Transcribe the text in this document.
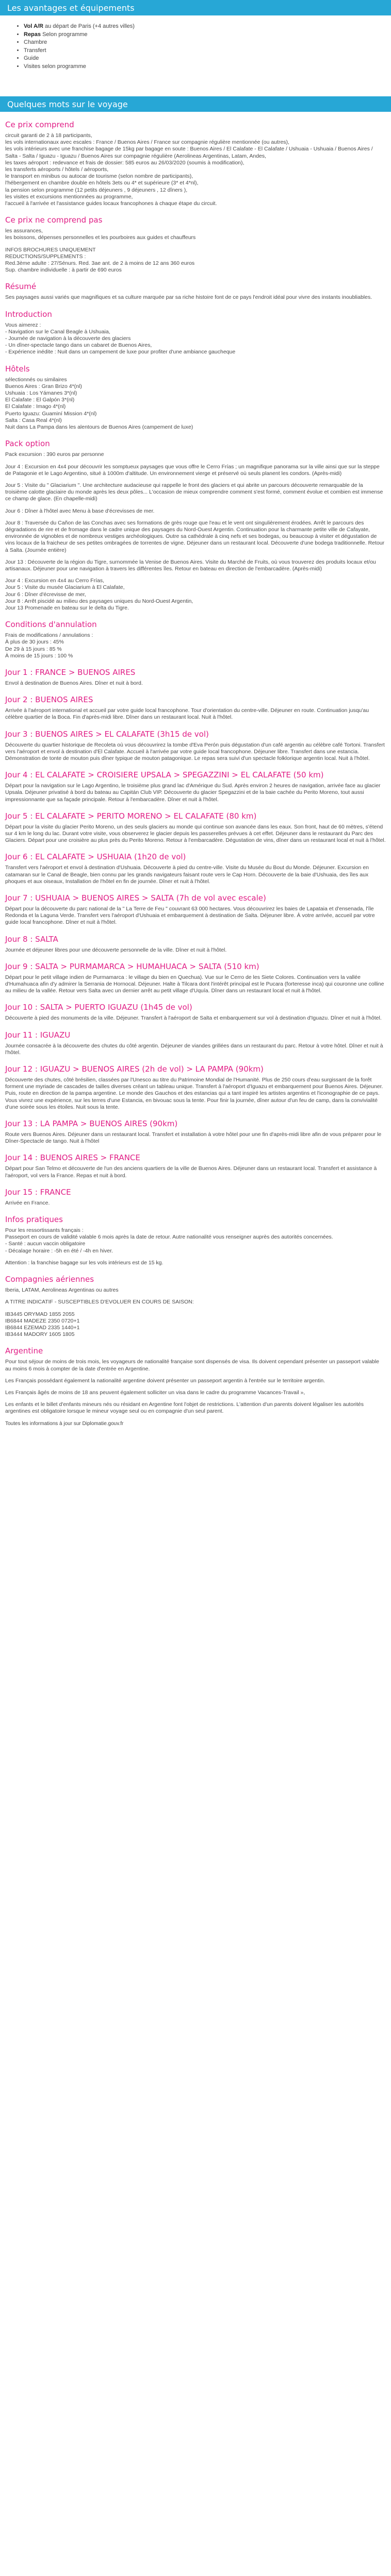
Les avantages et équipements
• Vol A/R au départ de Paris (+4 autres villes)
• Repas Selon programme
• Chambre
• Transfert
• Guide
• Visites selon programme
Quelques mots sur le voyage
Ce prix comprend

circuit garanti de 2 à 18 participants,
les vols internationaux avec escales : France / Buenos Aires / France sur compagnie régulière mentionnée (ou autres),
les vols intérieurs avec une franchise bagage de 15kg par bagage en soute : Buenos Aires / El Calafate - El Calafate / Ushuaia - Ushuaia / Buenos Aires / Salta - Salta / Iguazu - Iguazu / Buenos Aires sur compagnie régulière (Aerolineas Argentinas, Latam, Andes,
les taxes aéroport : redevance et frais de dossier: 585 euros au 26/03/2020 (soumis à modification),
les transferts aéroports / hôtels / aéroports,
le transport en minibus ou autocar de tourisme (selon nombre de participants),
l'hébergement en chambre double en hôtels 3ets ou 4* et supérieure (3* et 4*nl),
la pension selon programme (12 petits déjeuners , 9 déjeuners , 12 dîners ),
les visites et excursions mentionnées au programme,
l'accueil à l'arrivée et l'assistance guides locaux francophones à chaque étape du circuit.

Ce prix ne comprend pas

les assurances,
les boissons, dépenses personnelles et les pourboires aux guides et chauffeurs

INFOS BROCHURES UNIQUEMENT
REDUCTIONS/SUPPLEMENTS :
Red.3ème adulte : 27/Sénurs. Red. 3ae ant. de 2 à moins de 12 ans 360 euros
Sup. chambre individuelle : à partir de 690 euros

Résumé

Ses paysages aussi variés que magnifiques et sa culture marquée par sa riche histoire font de ce pays l'endroit idéal pour vivre des instants inoubliables.

Introduction

Vous aimerez :
- Navigation sur le Canal Beagle à Ushuaia,
- Journée de navigation à la découverte des glaciers
- Un dîner-spectacle tango dans un cabaret de Buenos Aires,
- Expérience inédite : Nuit dans un campement de luxe pour profiter d'une ambiance gaucheque

Hôtels

sélectionnés ou similaires
Buenos Aires : Gran Brizo 4*(nl)
Ushuaia : Los Yámanes 3*(nl)
El Calafate : El Galpón 3*(nl)
El Calafate : Imago 4*(nl)
Puerto Iguazu: Guaminí Mission 4*(nl)
Salta : Casa Real 4*(nl)
Nuit dans La Pampa dans les alentours de Buenos Aires (campement de luxe)

Pack option

Pack excursion : 390 euros par personne

Jour 4 : Excursion en 4x4 pour découvrir les somptueux paysages que vous offre le Cerro Frías ; un magnifique panorama sur la ville ainsi que sur la steppe de Patagonie et le Lago Argentino, situé à 1000m d'altitude. Un environnement vierge et préservé où seuls planent les condors. (Après-midi)

Jour 5 : Visite du " Glaciarium ". Une architecture audacieuse qui rappelle le front des glaciers et qui abrite un parcours découverte remarquable de la troisième calotte glaciaire du monde après les deux pôles... L'occasion de mieux comprendre comment s'est formé, comment évolue et combien est immense ce champ de glace. (En chapelle-midi)

Jour 6 : Dîner à l'hôtel avec Menu à base d'écrevisses de mer.

Jour 8 : Traversée du Cañon de las Conchas avec ses formations de grès rouge que l'eau et le vent ont singulièrement érodées. Arrêt le parcours des dégradations de rire et de fromage dans le cadre unique des paysages du Nord-Ouest Argentin. Continuation pour la charmante petite ville de Cafayate, environnée de vignobles et de nombreux vestiges archéologiques. Outre sa cathédrale à cinq nefs et ses bodegas, ou beaucoup à visiter et dégustation de vins locaux de la fraicheur de ses petites ombragées de torrentes de vigne. Déjeuner dans un restaurant local. Découverte d'une bodega traditionnelle. Retour à Salta. (Journée entière)

Jour 13 : Découverte de la région du Tigre, surnommée la Venise de Buenos Aires. Visite du Marché de Fruits, où vous trouverez des produits locaux et/ou artisanaux. Déjeuner pour une navigation à travers les différentes îles. Retour en bateau en direction de l'embarcadère. (Après-midi)

Jour 4 : Excursion en 4x4 au Cerro Frías,
Jour 5 : Visite du musée Glaciarium à El Calafate,
Jour 6 : Dîner d'écrevisse de mer,
Jour 8 : Arrêt piscidé au milieu des paysages uniques du Nord-Ouest Argentin,
Jour 13 Promenade en bateau sur le delta du Tigre.

Conditions d'annulation

Frais de modifications / annulations :
À plus de 30 jours : 45%
De 29 à 15 jours : 85 %
À moins de 15 jours : 100 %

Jour 1 : FRANCE > BUENOS AIRES

Envol à destination de Buenos Aires. Dîner et nuit à bord.

Jour 2 : BUENOS AIRES

Arrivée à l'aéroport international et accueil par votre guide local francophone. Tour d'orientation du centre-ville. Déjeuner en route. Continuation jusqu'au célèbre quartier de la Boca. Fin d'après-midi libre. Dîner dans un restaurant local. Nuit à l'hôtel.

Jour 3 : BUENOS AIRES > EL CALAFATE (3h15 de vol)

Découverte du quartier historique de Recoleta où vous découvrirez la tombe d'Eva Perón puis dégustation d'un café argentin au célèbre café Tortoni. Transfert vers l'aéroport et envol à destination d'El Calafate. Accueil à l'arrivée par votre guide local francophone. Déjeuner libre. Transfert dans une estancia. Démonstration de tonte de mouton puis dîner typique de mouton patagonique. Le repas sera suivi d'un spectacle folklorique argentin local. Nuit à l'hôtel.

Jour 4 : EL CALAFATE > CROISIERE UPSALA > SPEGAZZINI > EL CALAFATE (50 km)

Départ pour la navigation sur le Lago Argentino, le troisième plus grand lac d'Amérique du Sud. Après environ 2 heures de navigation, arrivée face au glacier Upsala. Déjeuner privatisé à bord du bateau au Capitán Club VIP. Découverte du glacier Spegazzini et de la baie cachée du Perito Moreno, tout aussi impressionnante que sa façade principale. Retour à l'embarcadère. Dîner et nuit à l'hôtel.

Jour 5 : EL CALAFATE > PERITO MORENO > EL CALAFATE (80 km)

Départ pour la visite du glacier Perito Moreno, un des seuls glaciers au monde qui continue son avancée dans les eaux. Son front, haut de 60 mètres, s'étend sur 4 km le long du lac. Durant votre visite, vous observerez le glacier depuis les passerelles prévues à cet effet. Déjeuner dans le restaurant du Parc des Glaciers. Départ pour une croisière au plus près du Perito Moreno. Retour à l'embarcadère. Dégustation de vins, dîner dans un restaurant local et nuit à l'hôtel.

Jour 6 : EL CALAFATE > USHUAIA (1h20 de vol)

Transfert vers l'aéroport et envol à destination d'Ushuaia. Découverte à pied du centre-ville. Visite du Musée du Bout du Monde. Déjeuner. Excursion en catamaran sur le Canal de Beagle, bien connu par les grands navigateurs faisant route vers le Cap Horn. Découverte de la baie d'Ushuaia, des îles aux phoques et aux oiseaux, Installation de l'hôtel en fin de journée. Dîner et nuit à l'hôtel.

Jour 7 : USHUAIA > BUENOS AIRES > SALTA (7h de vol avec escale)

Départ pour la découverte du parc national de la " La Terre de Feu " couvrant 63 000 hectares. Vous découvrirez les baies de Lapataia et d'ensenada, l'île Redonda et la Laguna Verde. Transfert vers l'aéroport d'Ushuaia et embarquement à destination de Salta. Déjeuner libre. À votre arrivée, accueil par votre guide local francophone. Dîner et nuit à l'hôtel.

Jour 8 : SALTA

Journée et déjeuner libres pour une découverte personnelle de la ville. Dîner et nuit à l'hôtel.

Jour 9 : SALTA > PURMAMARCA > HUMAHUACA > SALTA (510 km)

Départ pour le petit village indien de Purmamarca : le village du bien en Quechua). Vue sur le Cerro de les Siete Colores. Continuation vers la vallée d'Humahuaca afin d'y admirer la Serrania de Hornocal. Déjeuner. Halte à Tilcara dont l'intérêt principal est le Pucara (forteresse inca) qui couronne une colline au milieu de la vallée. Retour vers Salta avec un dernier arrêt au petit village d'Uquía. Dîner dans un restaurant local et nuit à l'hôtel.

Jour 10 : SALTA > PUERTO IGUAZU (1h45 de vol)

Découverte à pied des monuments de la ville. Déjeuner. Transfert à l'aéroport de Salta et embarquement sur vol à destination d'Iguazu. Dîner et nuit à l'hôtel.

Jour 11 : IGUAZU

Journée consacrée à la découverte des chutes du côté argentin. Déjeuner de viandes grillées dans un restaurant du parc. Retour à votre hôtel. Dîner et nuit à l'hôtel.

Jour 12 : IGUAZU > BUENOS AIRES (2h de vol) > LA PAMPA (90km)

Découverte des chutes, côté brésilien, classées par l'Unesco au titre du Patrimoine Mondial de l'Humanité. Plus de 250 cours d'eau surgissant de la forêt forment une myriade de cascades de tailles diverses créant un tableau unique. Transfert à l'aéroport d'Iguazu et embarquement pour Buenos Aires. Déjeuner. Puis, route en direction de la pampa argentine. Le monde des Gauchos et des estancias qui a tant inspiré les artistes argentins et l'iconographie de ce pays. Vous vivrez une expérience, sur les terres d'une Estancia, en bivouac sous la tente. Pour finir la journée, dîner autour d'un feu de camp, dans la convivialité d'une soirée sous les étoiles. Nuit sous la tente.

Jour 13 : LA PAMPA > BUENOS AIRES (90km)

Route vers Buenos Aires. Déjeuner dans un restaurant local. Transfert et installation à votre hôtel pour une fin d'après-midi libre afin de vous préparer pour le Dîner-Spectacle de tango. Nuit à l'hôtel

Jour 14 : BUENOS AIRES > FRANCE

Départ pour San Telmo et découverte de l'un des anciens quartiers de la ville de Buenos Aires. Déjeuner dans un restaurant local. Transfert et assistance à l'aéroport, vol vers la France. Repas et nuit à bord.

Jour 15 : FRANCE

Arrivée en France.

Infos pratiques

Pour les ressortissants français :
Passeport en cours de validité valable 6 mois après la date de retour. Autre nationalité vous renseigner auprès des autorités concernées.
- Santé : aucun vaccin obligatoire
- Décalage horaire : -5h en été / -4h en hiver.

Attention : la franchise bagage sur les vols intérieurs est de 15 kg.

Compagnies aériennes

Iberia, LATAM, Aerolineas Argentinas ou autres

A TITRE INDICATIF - SUSCEPTIBLES D'EVOLUER EN COURS DE SAISON:

IB3445 ORYMAD 1855 2055
IB6844 MADEZE 2350 0720+1
IB6844 EZEMAD 2335 1440+1
IB3444 MADORY 1605 1805

Argentine

Pour tout séjour de moins de trois mois, les voyageurs de nationalité française sont dispensés de visa. Ils doivent cependant présenter un passeport valable au moins 6 mois à compter de la date d'entrée en Argentine.

Les Français possédant également la nationalité argentine doivent présenter un passeport argentin à l'entrée sur le territoire argentin.

Les Français âgés de moins de 18 ans peuvent également solliciter un visa dans le cadre du programme Vacances-Travail »,

Les enfants et le billet d'enfants mineurs nés ou résidant en Argentine font l'objet de restrictions. L'attention d'un parents doivent légaliser les autorités argentines est obligatoire lorsque le mineur voyage seul ou en compagnie d'un seul parent.

Toutes les informations à jour sur Diplomatie.gouv.fr
